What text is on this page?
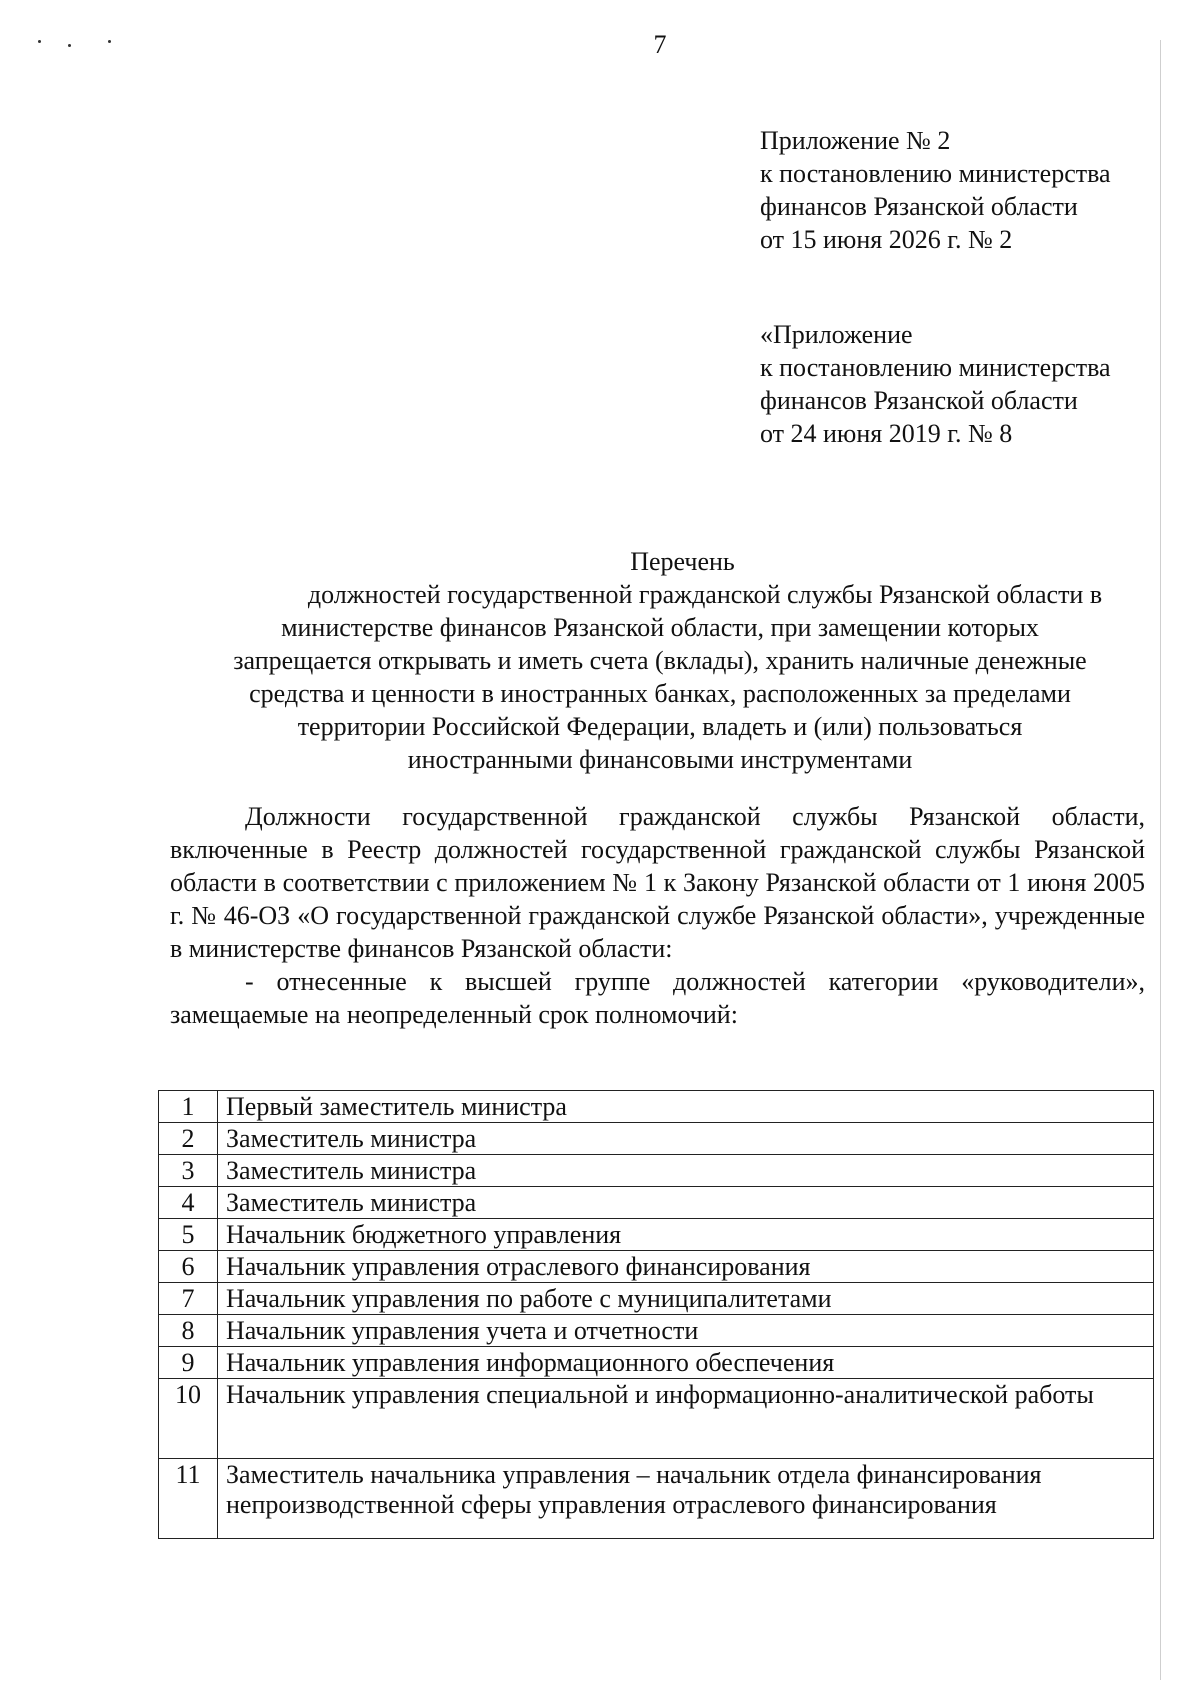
7
Приложение № 2
к постановлению министерства
финансов Рязанской области
от 15 июня 2026 г. № 2
«Приложение
к постановлению министерства
финансов Рязанской области
от 24 июня 2019 г. № 8
Перечень
должностей государственной гражданской службы Рязанской области в
министерстве финансов Рязанской области, при замещении которых
запрещается открывать и иметь счета (вклады), хранить наличные денежные
средства и ценности в иностранных банках, расположенных за пределами
территории Российской Федерации, владеть и (или) пользоваться
иностранными финансовыми инструментами

Должности государственной гражданской службы Рязанской области, включенные в Реестр должностей государственной гражданской службы Рязанской области в соответствии с приложением № 1 к Закону Рязанской области от 1 июня 2005 г. № 46-ОЗ «О государственной гражданской службе Рязанской области», учрежденные в министерстве финансов Рязанской области:

- отнесенные к высшей группе должностей категории «руководители», замещаемые на неопределенный срок полномочий:

1	Первый заместитель министра
2	Заместитель министра
3	Заместитель министра
4	Заместитель министра
5	Начальник бюджетного управления
6	Начальник управления отраслевого финансирования
7	Начальник управления по работе с муниципалитетами
8	Начальник управления учета и отчетности
9	Начальник управления информационного обеспечения
10	Начальник управления специальной и информационно-аналитической работы
11	Заместитель начальника управления – начальник отдела финансирования непроизводственной сферы управления отраслевого финансирования
